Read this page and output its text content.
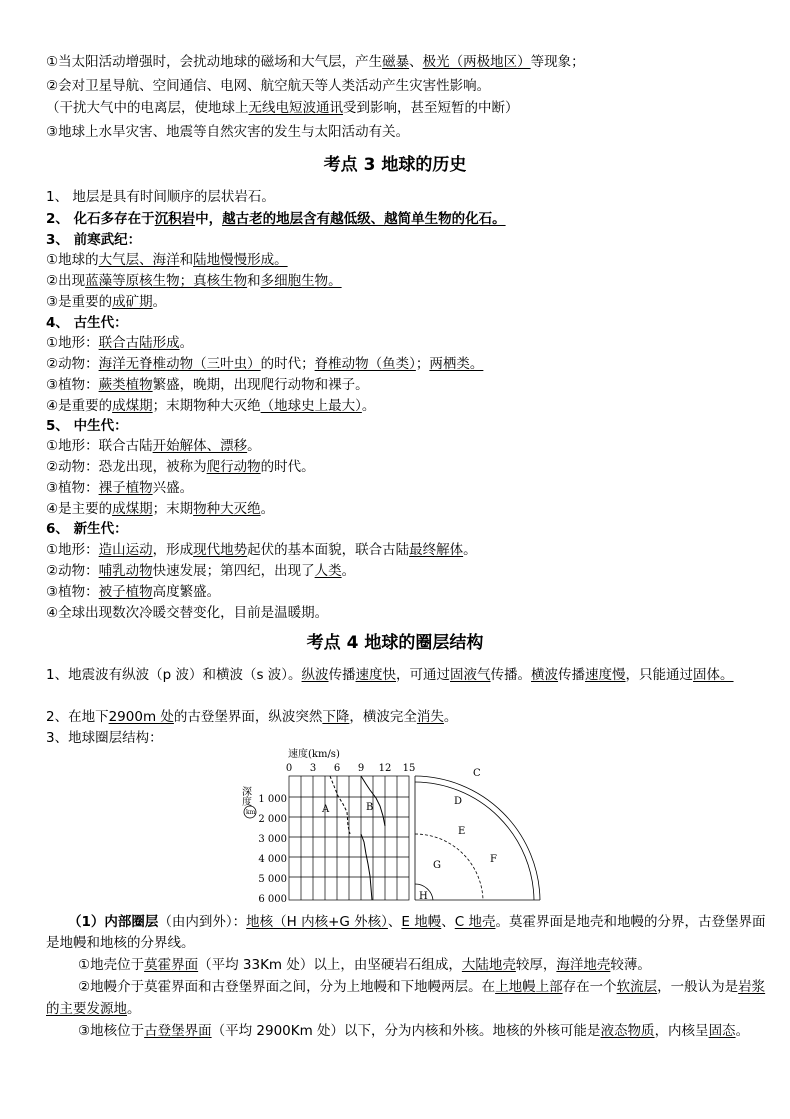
①当太阳活动增强时，会扰动地球的磁场和大气层，产生磁暴、极光（两极地区）等现象；
②会对卫星导航、空间通信、电网、航空航天等人类活动产生灾害性影响。
（干扰大气中的电离层，使地球上无线电短波通讯受到影响，甚至短暂的中断）
③地球上水旱灾害、地震等自然灾害的发生与太阳活动有关。
考点 3 地球的历史
1、 地层是具有时间顺序的层状岩石。
2、 化石多存在于沉积岩中，越古老的地层含有越低级、越简单生物的化石。
3、 前寒武纪：
①地球的大气层、海洋和陆地慢慢形成。
②出现蓝藻等原核生物；真核生物和多细胞生物。
③是重要的成矿期。
4、 古生代：
①地形：联合古陆形成。
②动物：海洋无脊椎动物（三叶虫）的时代；脊椎动物（鱼类）；两栖类。
③植物：蕨类植物繁盛，晚期，出现爬行动物和裸子。
④是重要的成煤期；末期物种大灭绝（地球史上最大）。
5、 中生代：
①地形：联合古陆开始解体、漂移。
②动物：恐龙出现，被称为爬行动物的时代。
③植物：裸子植物兴盛。
④是主要的成煤期；末期物种大灭绝。
6、 新生代：
①地形：造山运动，形成现代地势起伏的基本面貌，联合古陆最终解体。
②动物：哺乳动物快速发展；第四纪，出现了人类。
③植物：被子植物高度繁盛。
④全球出现数次冷暖交替变化，目前是温暖期。
考点 4 地球的圈层结构
1、地震波有纵波（p 波）和横波（s 波）。纵波传播速度快，可通过固液气传播。横波传播速度慢，只能通过固体。
2、在地下2900m 处的古登堡界面，纵波突然下降，横波完全消失。
3、地球圈层结构：
速度(km/s)
0 3 6 9 12 15
深度
km
1 000
2 000
3 000
4 000
5 000
6 000
A	B
C
D
E
F
G
H
（1）内部圈层（由内到外）：地核（H 内核+G 外核）、E 地幔、C 地壳。莫霍界面是地壳和地幔的分界，古登堡界面是地幔和地核的分界线。
①地壳位于莫霍界面（平均 33Km 处）以上，由坚硬岩石组成，大陆地壳较厚，海洋地壳较薄。
②地幔介于莫霍界面和古登堡界面之间，分为上地幔和下地幔两层。在上地幔上部存在一个软流层，一般认为是岩浆的主要发源地。
③地核位于古登堡界面（平均 2900Km 处）以下，分为内核和外核。地核的外核可能是液态物质，内核呈固态。
